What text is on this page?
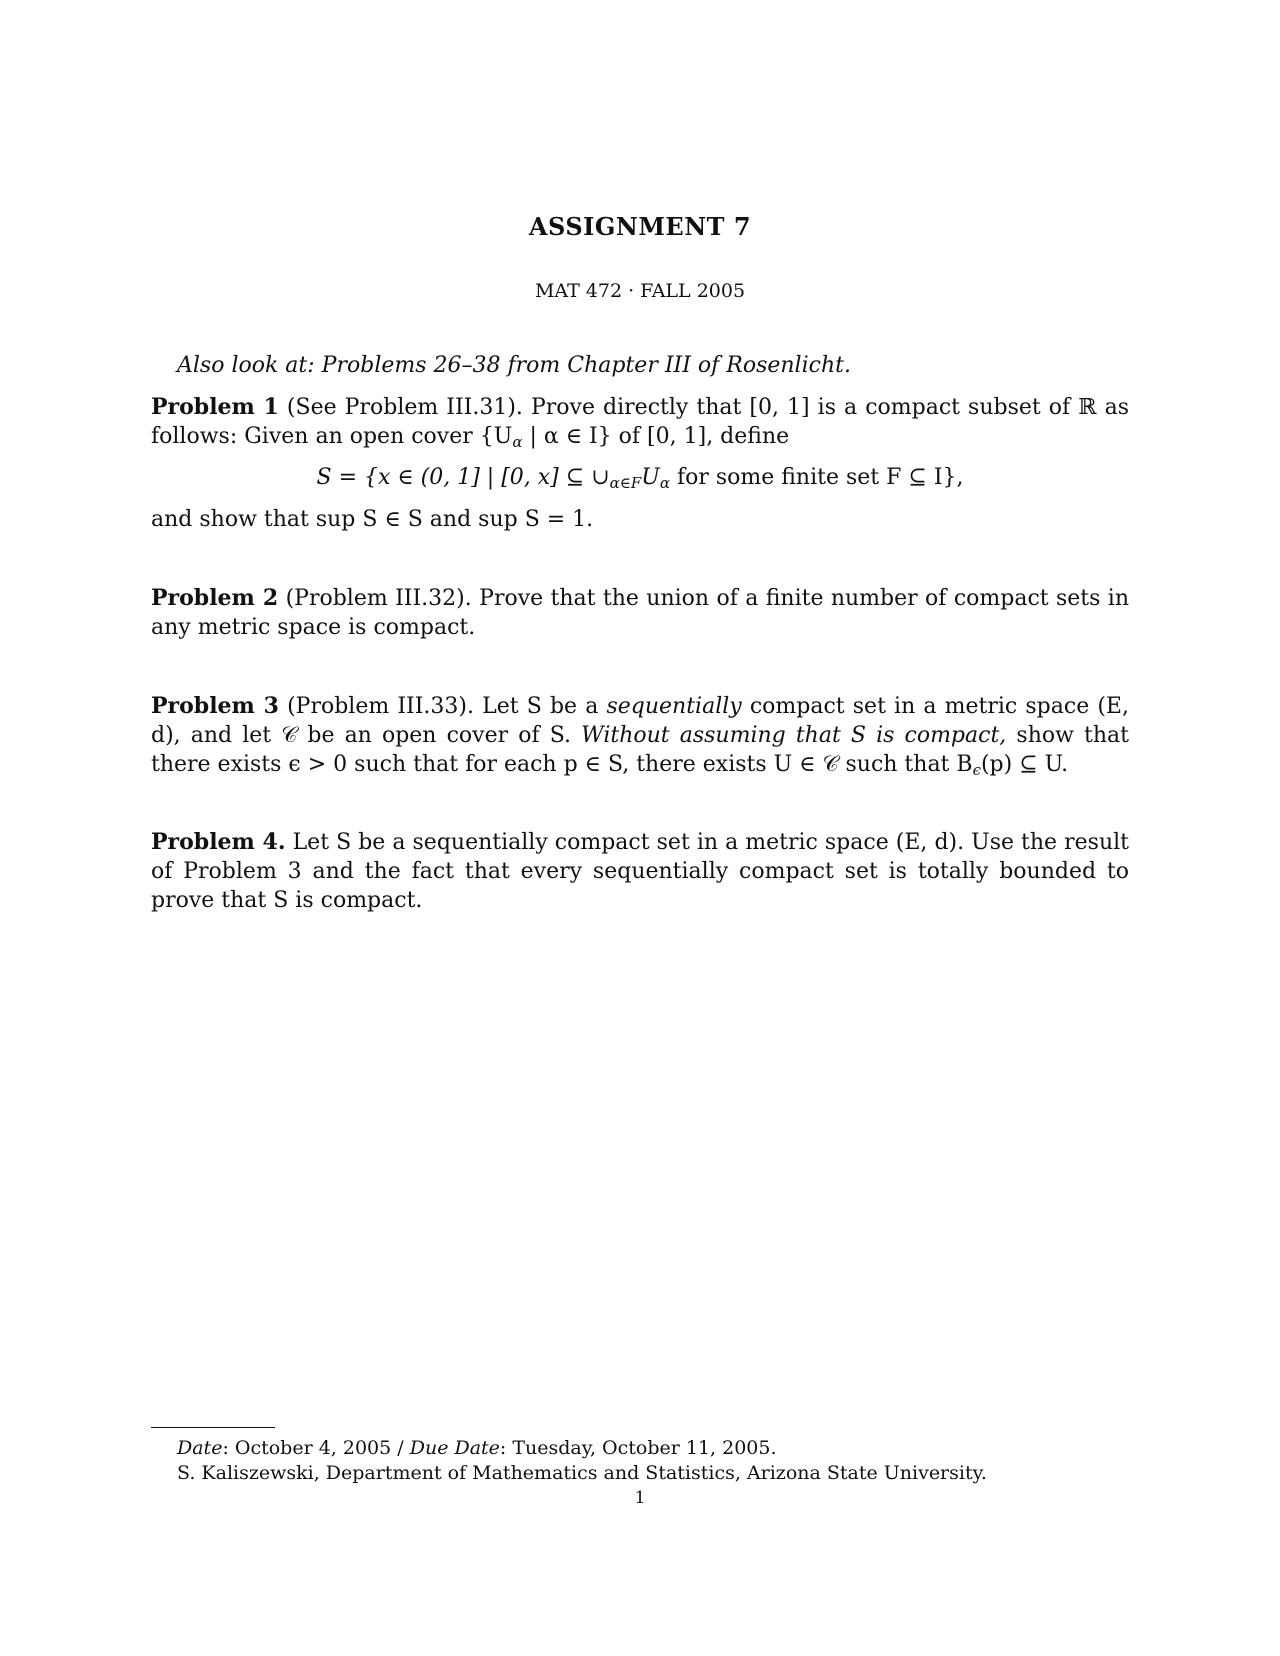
ASSIGNMENT 7
MAT 472 · FALL 2005
Also look at: Problems 26–38 from Chapter III of Rosenlicht.
Problem 1 (See Problem III.31). Prove directly that [0, 1] is a compact subset of ℝ as follows: Given an open cover {$U_\alpha$ | α ∈ I} of [0, 1], define
S = {x ∈ (0, 1] | [0, x] ⊆ $\cup_{\alpha\in F}U_\alpha$ for some finite set F ⊆ I},
and show that sup S ∈ S and sup S = 1.
Problem 2 (Problem III.32). Prove that the union of a finite number of compact sets in any metric space is compact.
Problem 3 (Problem III.33). Let S be a sequentially compact set in a metric space (E, d), and let 𝒞 be an open cover of S. Without assuming that S is compact, show that there exists ϵ > 0 such that for each p ∈ S, there exists U ∈ 𝒞 such that $B_\epsilon(p)$ ⊆ U.
Problem 4. Let S be a sequentially compact set in a metric space (E, d). Use the result of Problem 3 and the fact that every sequentially compact set is totally bounded to prove that S is compact.
Date: October 4, 2005 / Due Date: Tuesday, October 11, 2005.
S. Kaliszewski, Department of Mathematics and Statistics, Arizona State University.
1
